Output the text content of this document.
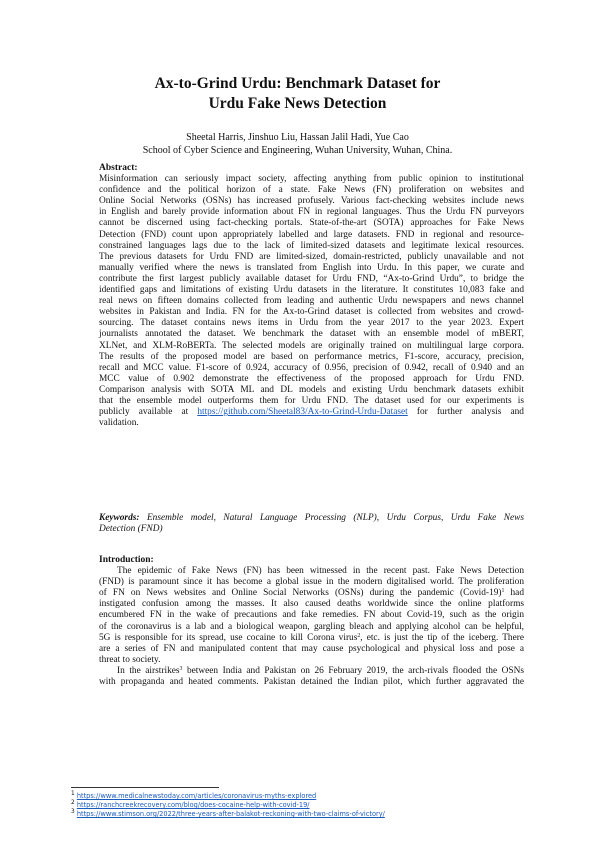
Ax-to-Grind Urdu: Benchmark Dataset for
Urdu Fake News Detection
Sheetal Harris, Jinshuo Liu, Hassan Jalil Hadi, Yue Cao
School of Cyber Science and Engineering, Wuhan University, Wuhan, China.
Abstract:
Misinformation can seriously impact society, affecting anything from public opinion to institutional
confidence and the political horizon of a state. Fake News (FN) proliferation on websites and
Online Social Networks (OSNs) has increased profusely. Various fact-checking websites include news
in English and barely provide information about FN in regional languages. Thus the Urdu FN purveyors
cannot be discerned using fact-checking portals. State-of-the-art (SOTA) approaches for Fake News
Detection (FND) count upon appropriately labelled and large datasets. FND in regional and resource-
constrained languages lags due to the lack of limited-sized datasets and legitimate lexical resources.
The previous datasets for Urdu FND are limited-sized, domain-restricted, publicly unavailable and not
manually verified where the news is translated from English into Urdu. In this paper, we curate and
contribute the first largest publicly available dataset for Urdu FND, “Ax-to-Grind Urdu”, to bridge the
identified gaps and limitations of existing Urdu datasets in the literature. It constitutes 10,083 fake and
real news on fifteen domains collected from leading and authentic Urdu newspapers and news channel
websites in Pakistan and India. FN for the Ax-to-Grind dataset is collected from websites and crowd-
sourcing. The dataset contains news items in Urdu from the year 2017 to the year 2023. Expert
journalists annotated the dataset. We benchmark the dataset with an ensemble model of mBERT,
XLNet, and XLM-RoBERTa. The selected models are originally trained on multilingual large corpora.
The results of the proposed model are based on performance metrics, F1-score, accuracy, precision,
recall and MCC value. F1-score of 0.924, accuracy of 0.956, precision of 0.942, recall of 0.940 and an
MCC value of 0.902 demonstrate the effectiveness of the proposed approach for Urdu FND.
Comparison analysis with SOTA ML and DL models and existing Urdu benchmark datasets exhibit
that the ensemble model outperforms them for Urdu FND. The dataset used for our experiments is
publicly available at https://github.com/Sheetal83/Ax-to-Grind-Urdu-Dataset for further analysis and
validation.
Keywords: Ensemble model, Natural Language Processing (NLP), Urdu Corpus, Urdu Fake News
Detection (FND)
Introduction:
The epidemic of Fake News (FN) has been witnessed in the recent past. Fake News Detection
(FND) is paramount since it has become a global issue in the modern digitalised world. The proliferation
of FN on News websites and Online Social Networks (OSNs) during the pandemic (Covid-19)$^1$ had
instigated confusion among the masses. It also caused deaths worldwide since the online platforms
encumbered FN in the wake of precautions and fake remedies. FN about Covid-19, such as the origin
of the coronavirus is a lab and a biological weapon, gargling bleach and applying alcohol can be helpful,
5G is responsible for its spread, use cocaine to kill Corona virus$^2$, etc. is just the tip of the iceberg. There
are a series of FN and manipulated content that may cause psychological and physical loss and pose a
threat to society.
In the airstrikes$^3$ between India and Pakistan on 26 February 2019, the arch-rivals flooded the OSNs
with propaganda and heated comments. Pakistan detained the Indian pilot, which further aggravated the
$^1$ https://www.medicalnewstoday.com/articles/coronavirus-myths-explored
$^2$ https://ranchcreekrecovery.com/blog/does-cocaine-help-with-covid-19/
$^3$ https://www.stimson.org/2022/three-years-after-balakot-reckoning-with-two-claims-of-victory/
